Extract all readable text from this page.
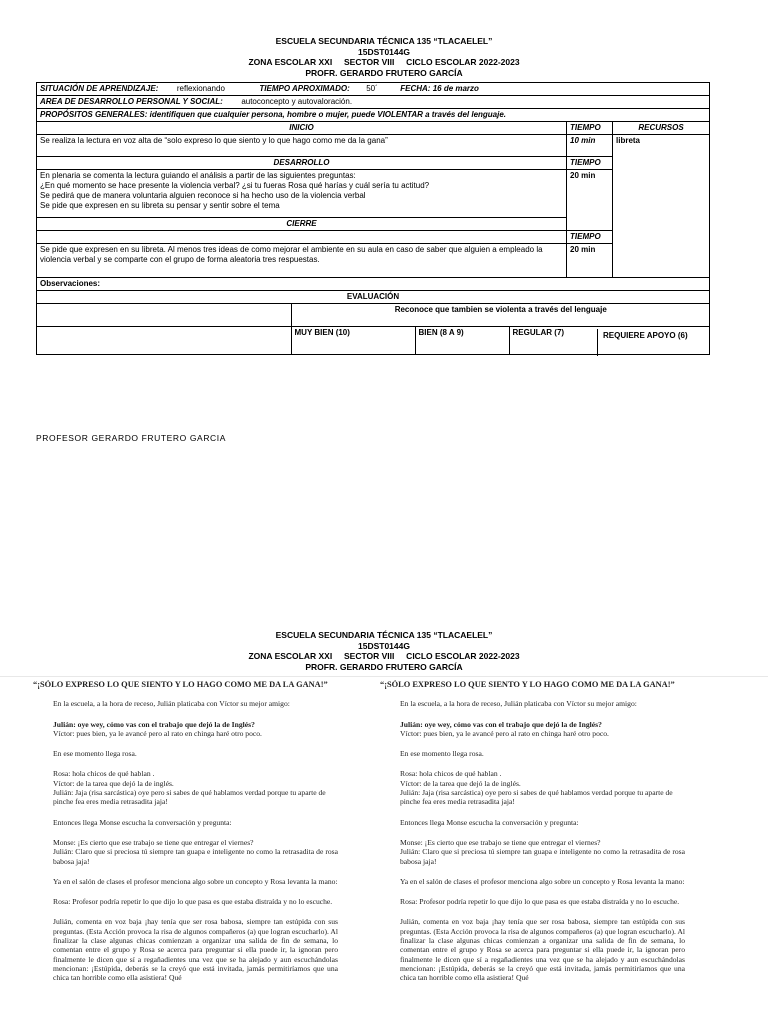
ESCUELA SECUNDARIA TÉCNICA 135 “TLACAELEL”
15DST0144G
ZONA ESCOLAR XXI     SECTOR VIII     CICLO ESCOLAR 2022-2023
PROFR. GERARDO FRUTERO GARCÍA
SITUACIÓN DE APRENDIZAJE: reflexionando	TIEMPO APROXIMADO: 50´	FECHA: 16 de marzo
AREA DE DESARROLLO PERSONAL Y SOCIAL: autoconcepto y autovaloración.
PROPÓSITOS GENERALES: identifiquen que cualquier persona, hombre o mujer, puede VIOLENTAR a través del lenguaje.
INICIO	TIEMPO	RECURSOS
Se realiza la lectura en voz alta de “solo expreso lo que siento y lo que hago como me da la gana”	10 min	libreta
DESARROLLO	TIEMPO

En plenaria se comenta la lectura guiando el análisis a partir de las siguientes preguntas:
¿En qué momento se hace presente la violencia verbal? ¿si tu fueras Rosa qué harías y cuál sería tu actitud?
Se pedirá que de manera voluntaria alguien reconoce si ha hecho uso de la violencia verbal
Se pide que expresen en su libreta su pensar y sentir sobre el tema
	20 min
CIERRE
	TIEMPO
Se pide que expresen en su libreta. Al menos tres ideas de como mejorar el ambiente en su aula en caso de saber que alguien a empleado la violencia verbal y se comparte con el grupo de forma aleatoria tres respuestas.	20 min
Observaciones:
EVALUACIÓN

	Reconoce que tambien se violenta a través del lenguaje
	MUY BIEN (10)	BIEN (8 A 9)	REGULAR (7)	REQUIERE APOYO (6)
PROFESOR GERARDO FRUTERO GARCIA
ESCUELA SECUNDARIA TÉCNICA 135 “TLACAELEL”
15DST0144G
ZONA ESCOLAR XXI     SECTOR VIII     CICLO ESCOLAR 2022-2023
PROFR. GERARDO FRUTERO GARCÍA
“¡SÓLO EXPRESO LO QUE SIENTO Y LO HAGO COMO ME DA LA GANA!”

En la escuela, a la hora de receso, Julián platicaba con Víctor su mejor amigo:

Julián: oye wey, cómo vas con el trabajo que dejó la de Inglés?
Víctor: pues bien, ya le avancé pero al rato en chinga haré otro poco.

En ese momento llega rosa.

Rosa: hola chicos de qué hablan .
Víctor: de la tarea que dejó la de inglés.
Julián: Jaja (risa sarcástica) oye pero si sabes de qué hablamos verdad porque tu aparte de pinche fea eres media retrasadita jaja!

Entonces llega Monse escucha la conversación y pregunta:

Monse: ¡Es cierto que ese trabajo se tiene que entregar el viernes?
Julián: Claro que si preciosa tú siempre tan guapa e inteligente no como la retrasadita de rosa babosa jaja!

Ya en el salón de clases el profesor menciona algo sobre un concepto y Rosa levanta la mano:

Rosa: Profesor podría repetir lo que dijo lo que pasa es que estaba distraída y no lo escuche.

Julián, comenta en voz baja ¡hay tenía que ser rosa babosa, siempre tan estúpida con sus preguntas. (Esta Acción provoca la risa de algunos compañeros (a) que logran escucharlo). Al finalizar la clase algunas chicas comienzan a organizar una salida de fin de semana, lo comentan entre el grupo y Rosa se acerca para preguntar si ella puede ir, la ignoran pero finalmente le dicen que sí a regañadientes una vez que se ha alejado y aun escuchándolas mencionan: ¡Estúpida, deberás se la creyó que está invitada, jamás permitiríamos que una chica tan horrible como ella asistiera! Qué

“¡SÓLO EXPRESO LO QUE SIENTO Y LO HAGO COMO ME DA LA GANA!”

En la escuela, a la hora de receso, Julián platicaba con Víctor su mejor amigo:

Julián: oye wey, cómo vas con el trabajo que dejó la de Inglés?
Víctor: pues bien, ya le avancé pero al rato en chinga haré otro poco.

En ese momento llega rosa.

Rosa: hola chicos de qué hablan .
Víctor: de la tarea que dejó la de inglés.
Julián: Jaja (risa sarcástica) oye pero si sabes de qué hablamos verdad porque tu aparte de pinche fea eres media retrasadita jaja!

Entonces llega Monse escucha la conversación y pregunta:

Monse: ¡Es cierto que ese trabajo se tiene que entregar el viernes?
Julián: Claro que si preciosa tú siempre tan guapa e inteligente no como la retrasadita de rosa babosa jaja!

Ya en el salón de clases el profesor menciona algo sobre un concepto y Rosa levanta la mano:

Rosa: Profesor podría repetir lo que dijo lo que pasa es que estaba distraída y no lo escuche.

Julián, comenta en voz baja ¡hay tenía que ser rosa babosa, siempre tan estúpida con sus preguntas. (Esta Acción provoca la risa de algunos compañeros (a) que logran escucharlo). Al finalizar la clase algunas chicas comienzan a organizar una salida de fin de semana, lo comentan entre el grupo y Rosa se acerca para preguntar si ella puede ir, la ignoran pero finalmente le dicen que sí a regañadientes una vez que se ha alejado y aun escuchándolas mencionan: ¡Estúpida, deberás se la creyó que está invitada, jamás permitiríamos que una chica tan horrible como ella asistiera! Qué
